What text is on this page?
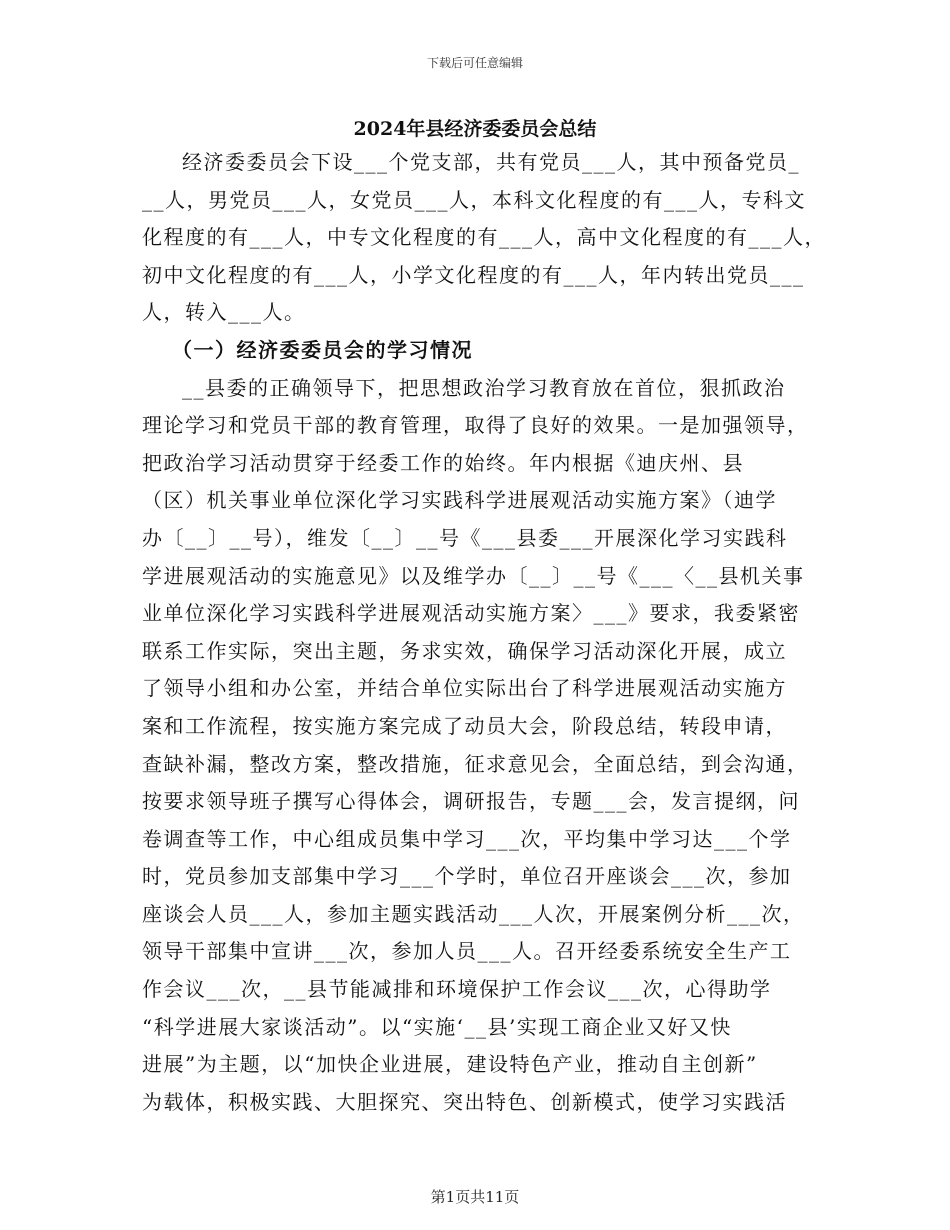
下载后可任意编辑
2024年县经济委委员会总结
经济委委员会下设___个党支部，共有党员___人，其中预备党员_
__人，男党员___人，女党员___人，本科文化程度的有___人，专科文
化程度的有___人，中专文化程度的有___人，高中文化程度的有___人，
初中文化程度的有___人，小学文化程度的有___人，年内转出党员___
人，转入___人。
（一）经济委委员会的学习情况
__县委的正确领导下，把思想政治学习教育放在首位，狠抓政治
理论学习和党员干部的教育管理，取得了良好的效果。一是加强领导，
把政治学习活动贯穿于经委工作的始终。年内根据《迪庆州、县
（区）机关事业单位深化学习实践科学进展观活动实施方案》（迪学
办〔__〕__号），维发〔__〕__号《___县委___开展深化学习实践科
学进展观活动的实施意见》以及维学办〔__〕__号《___〈__县机关事
业单位深化学习实践科学进展观活动实施方案〉___》要求，我委紧密
联系工作实际，突出主题，务求实效，确保学习活动深化开展，成立
了领导小组和办公室，并结合单位实际出台了科学进展观活动实施方
案和工作流程，按实施方案完成了动员大会，阶段总结，转段申请，
查缺补漏，整改方案，整改措施，征求意见会，全面总结，到会沟通，
按要求领导班子撰写心得体会，调研报告，专题___会，发言提纲，问
卷调查等工作，中心组成员集中学习___次，平均集中学习达___个学
时，党员参加支部集中学习___个学时，单位召开座谈会___次，参加
座谈会人员___人，参加主题实践活动___人次，开展案例分析___次，
领导干部集中宣讲___次，参加人员___人。召开经委系统安全生产工
作会议___次，__县节能减排和环境保护工作会议___次，心得助学
“科学进展大家谈活动”。以“实施‘__县’实现工商企业又好又快
进展”为主题，以“加快企业进展，建设特色产业，推动自主创新”
为载体，积极实践、大胆探究、突出特色、创新模式，使学习实践活
第1页共11页
